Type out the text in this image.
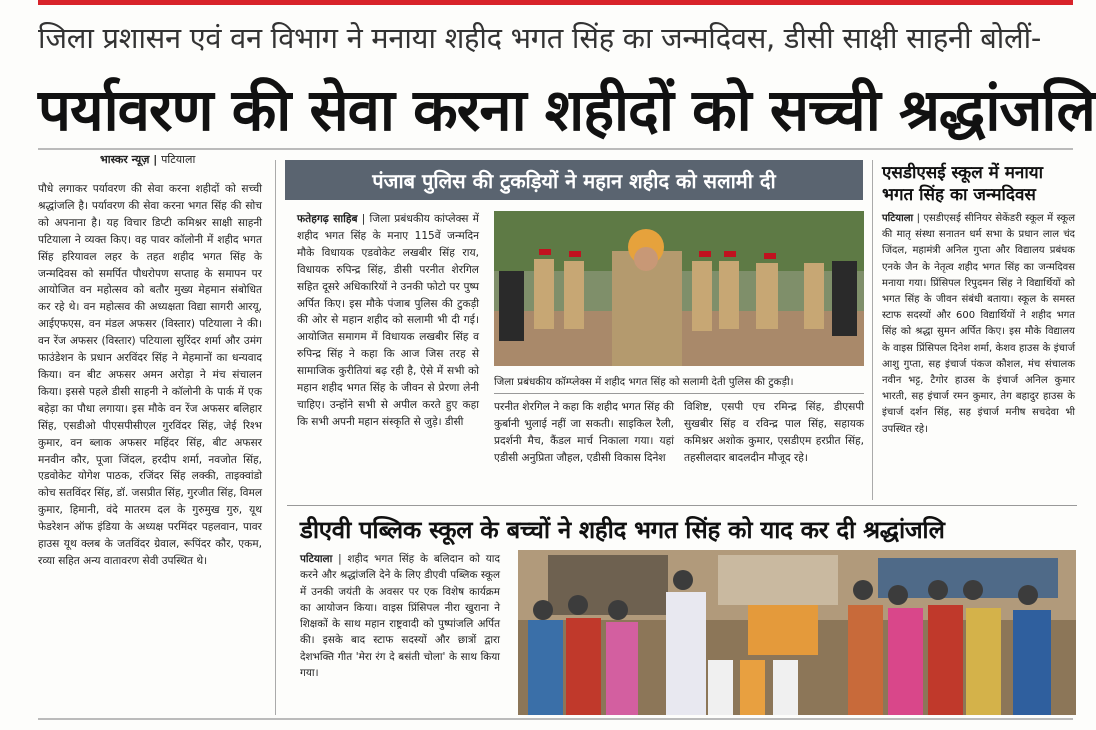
जिला प्रशासन एवं वन विभाग ने मनाया शहीद भगत सिंह का जन्मदिवस, डीसी साक्षी साहनी बोलीं-
पर्यावरण की सेवा करना शहीदों को सच्ची श्रद्धांजलि
भास्कर न्यूज़ | पटियाला
पौधे लगाकर पर्यावरण की सेवा करना शहीदों को सच्ची श्रद्धांजलि है। पर्यावरण की सेवा करना भगत सिंह की सोच को अपनाना है। यह विचार डिप्टी कमिश्नर साक्षी साहनी पटियाला ने व्यक्त किए। वह पावर कॉलोनी में शहीद भगत सिंह हरियावल लहर के तहत शहीद भगत सिंह के जन्मदिवस को समर्पित पौधरोपण सप्ताह के समापन पर आयोजित वन महोत्सव को बतौर मुख्य मेहमान संबोधित कर रहे थे। वन महोत्सव की अध्यक्षता विद्या सागरी आरयू, आईएफएस, वन मंडल अफसर (विस्तार) पटियाला ने की। वन रेंज अफसर (विस्तार) पटियाला सुरिंदर शर्मा और उमंग फाउंडेशन के प्रधान अरविंदर सिंह ने मेहमानों का धन्यवाद किया। वन बीट अफसर अमन अरोड़ा ने मंच संचालन किया। इससे पहले डीसी साहनी ने कॉलोनी के पार्क में एक बहेड़ा का पौधा लगाया। इस मौके वन रेंज अफसर बलिहार सिंह, एसडीओ पीएसपीसीएल गुरविंदर सिंह, जेई रिश्भ कुमार, वन ब्लाक अफसर महिंदर सिंह, बीट अफसर मनवीन कौर, पूजा जिंदल, हरदीप शर्मा, नवजोत सिंह, एडवोकेट योगेश पाठक, रजिंदर सिंह लक्की, ताइक्वांडो कोच सतविंदर सिंह, डॉ. जसप्रीत सिंह, गुरजीत सिंह, विमल कुमार, हिमानी, वंदे मातरम दल के गुरुमुख गुरु, यूथ फेडरेशन ऑफ इंडिया के अध्यक्ष परमिंदर पहलवान, पावर हाउस यूथ क्लब के जतविंदर ग्रेवाल, रूपिंदर कौर, एकम, रव्या सहित अन्य वातावरण सेवी उपस्थित थे।
पंजाब पुलिस की टुकड़ियों ने महान शहीद को सलामी दी
फतेहगढ़ साहिब | जिला प्रबंधकीय कांप्लेक्स में शहीद भगत सिंह के मनाए 115वें जन्मदिन मौके विधायक एडवोकेट लखबीर सिंह राय, विधायक रुपिन्द्र सिंह, डीसी परनीत शेरगिल सहित दूसरे अधिकारियों ने उनकी फोटो पर पुष्प अर्पित किए। इस मौके पंजाब पुलिस की टुकड़ी की ओर से महान शहीद को सलामी भी दी गई। आयोजित समागम में विधायक लखबीर सिंह व रुपिन्द्र सिंह ने कहा कि आज जिस तरह से सामाजिक कुरीतियां बढ़ रही है, ऐसे में सभी को महान शहीद भगत सिंह के जीवन से प्रेरणा लेनी चाहिए। उन्होंने सभी से अपील करते हुए कहा कि सभी अपनी महान संस्कृति से जुड़े। डीसी
जिला प्रबंधकीय कॉम्प्लेक्स में शहीद भगत सिंह को सलामी देती पुलिस की टुकड़ी।
परनीत शेरगिल ने कहा कि शहीद भगत सिंह की कुर्बानी भुलाई नहीं जा सकती। साइकिल रैली, प्रदर्शनी मैच, कैंडल मार्च निकाला गया। यहां एडीसी अनुप्रिता जौहल, एडीसी विकास दिनेश
विशिष्ट, एसपी एच रमिन्द्र सिंह, डीएसपी सुखबीर सिंह व रविन्द्र पाल सिंह, सहायक कमिश्नर अशोक कुमार, एसडीएम हरप्रीत सिंह, तहसीलदार बादलदीन मौजूद रहे।
एसडीएसई स्कूल में मनाया भगत सिंह का जन्मदिवस
पटियाला | एसडीएसई सीनियर सेकेंडरी स्कूल में स्कूल की मातृ संस्था सनातन धर्म सभा के प्रधान लाल चंद जिंदल, महामंत्री अनिल गुप्ता और विद्यालय प्रबंधक एनके जैन के नेतृत्व शहीद भगत सिंह का जन्मदिवस मनाया गया। प्रिंसिपल रिपुदमन सिंह ने विद्यार्थियों को भगत सिंह के जीवन संबंधी बताया। स्कूल के समस्त स्टाफ सदस्यों और 600 विद्यार्थियों ने शहीद भगत सिंह को श्रद्धा सुमन अर्पित किए। इस मौके विद्यालय के वाइस प्रिंसिपल दिनेश शर्मा, केशव हाउस के इंचार्ज आशु गुप्ता, सह इंचार्ज पंकज कौशल, मंच संचालक नवीन भट्ट, टैगोर हाउस के इंचार्ज अनिल कुमार भारती, सह इंचार्ज रमन कुमार, तेग बहादुर हाउस के इंचार्ज दर्शन सिंह, सह इंचार्ज मनीष सचदेवा भी उपस्थित रहे।
डीएवी पब्लिक स्कूल के बच्चों ने शहीद भगत सिंह को याद कर दी श्रद्धांजलि
पटियाला | शहीद भगत सिंह के बलिदान को याद करने और श्रद्धांजलि देने के लिए डीएवी पब्लिक स्कूल में उनकी जयंती के अवसर पर एक विशेष कार्यक्रम का आयोजन किया। वाइस प्रिंसिपल नीरा खुराना ने शिक्षकों के साथ महान राष्ट्रवादी को पुष्पांजलि अर्पित की। इसके बाद स्टाफ सदस्यों और छात्रों द्वारा देशभक्ति गीत 'मेरा रंग दे बसंती चोला' के साथ किया गया।
